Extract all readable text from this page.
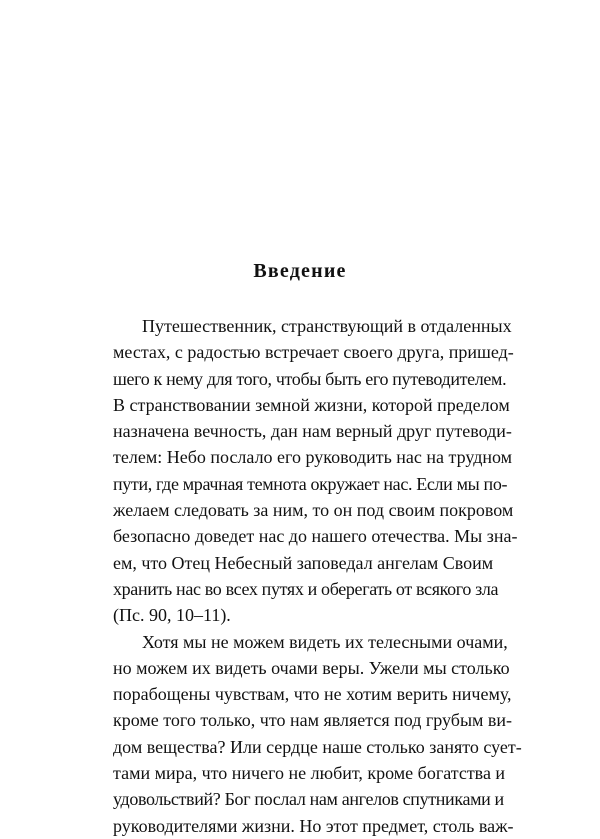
Введение
Путешественник, странствующий в отдаленных
местах, с радостью встречает своего друга, пришед-
шего к нему для того, чтобы быть его путеводителем.
В странствовании земной жизни, которой пределом
назначена вечность, дан нам верный друг путеводи-
телем: Небо послало его руководить нас на трудном
пути, где мрачная темнота окружает нас. Если мы по-
желаем следовать за ним, то он под своим покровом
безопасно доведет нас до нашего отечества. Мы зна-
ем, что Отец Небесный заповедал ангелам Своим
хранить нас во всех путях и оберегать от всякого зла
(Пс. 90, 10–11).
Хотя мы не можем видеть их телесными очами,
но можем их видеть очами веры. Ужели мы столько
порабощены чувствам, что не хотим верить ничему,
кроме того только, что нам является под грубым ви-
дом вещества? Или сердце наше столько занято сует-
тами мира, что ничего не любит, кроме богатства и
удовольствий? Бог послал нам ангелов спутниками и
руководителями жизни. Но этот предмет, столь важ-
